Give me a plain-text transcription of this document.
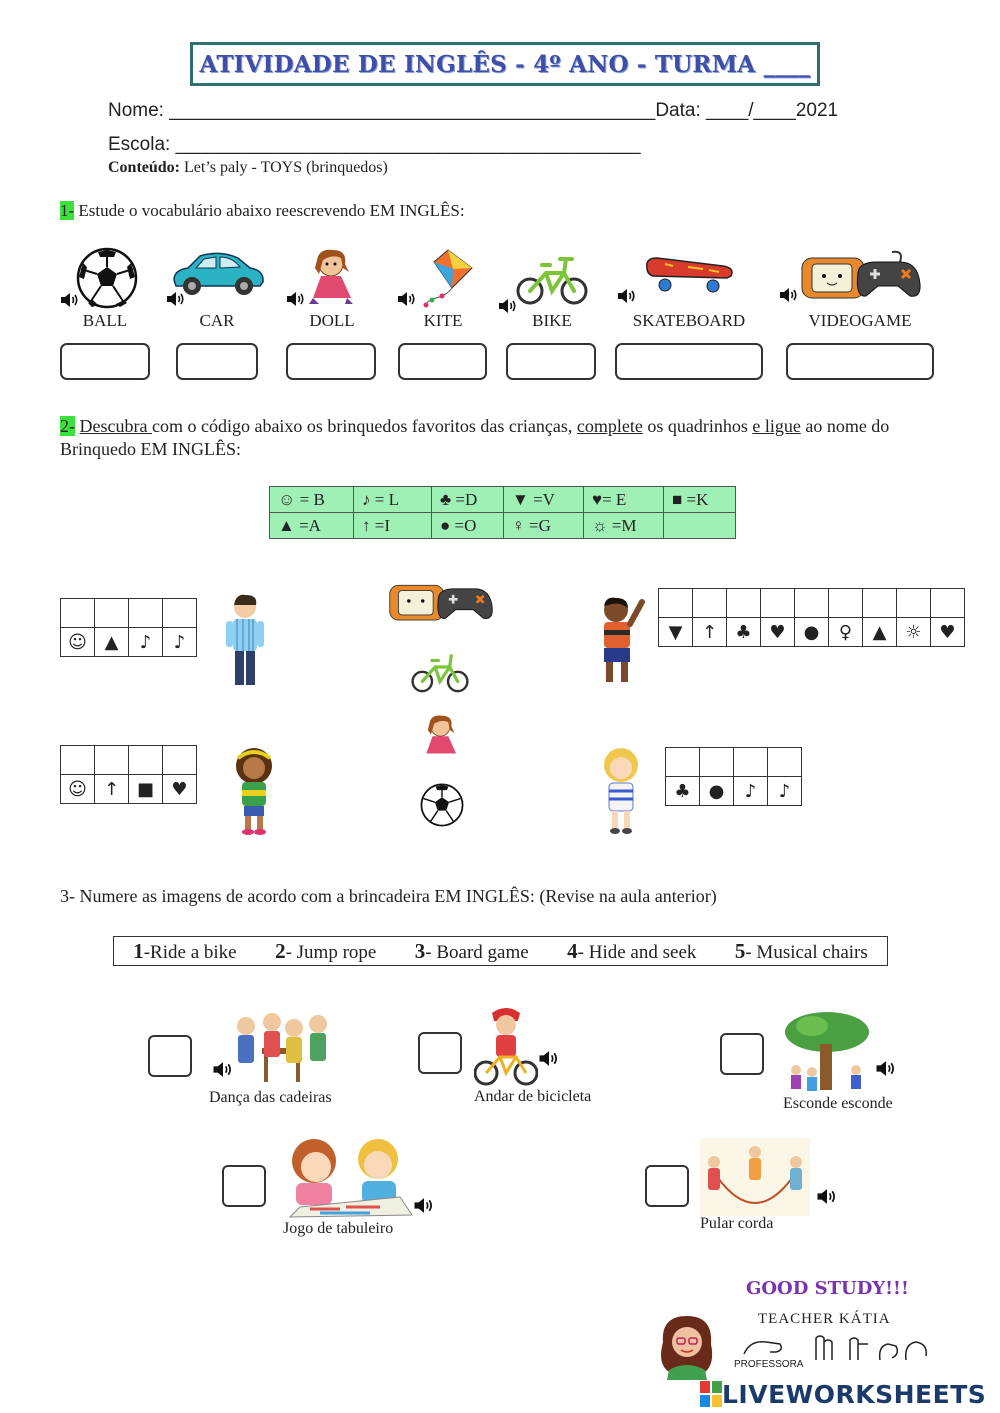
ATIVIDADE DE INGLÊS - 4º ANO - TURMA ____
Nome: ______________________________________________Data: ____/____2021
Escola: ____________________________________________
Conteúdo: Let’s paly - TOYS (brinquedos)
1- Estude o vocabulário abaixo reescrevendo EM INGLÊS:
BALL	CAR	DOLL	KITE	BIKE	SKATEBOARD	VIDEOGAME
2- Descubra com o código abaixo os brinquedos favoritos das crianças, complete os quadrinhos e ligue ao nome do Brinquedo EM INGLÊS:
☺ = B	♪ = L	♣ =D	▼ =V	♥= E	■ =K
▲ =A	↑ =I	● =O	♀ =G	☼ =M	

☺	▲	♪	♪

☺	↑	■	♥

▼	↑	♣	♥	●	♀	▲	☼	♥

♣	●	♪	♪
3- Numere as imagens de acordo com a brincadeira EM INGLÊS: (Revise na aula anterior)
1-Ride a bike 2- Jump rope 3- Board game 4- Hide and seek 5- Musical chairs
Dança das cadeiras	Andar de bicicleta	Esconde esconde
Jogo de tabuleiro	Pular corda
GOOD STUDY!!!
TEACHER KÁTIA
PROFESSORA
LIVEWORKSHEETS
